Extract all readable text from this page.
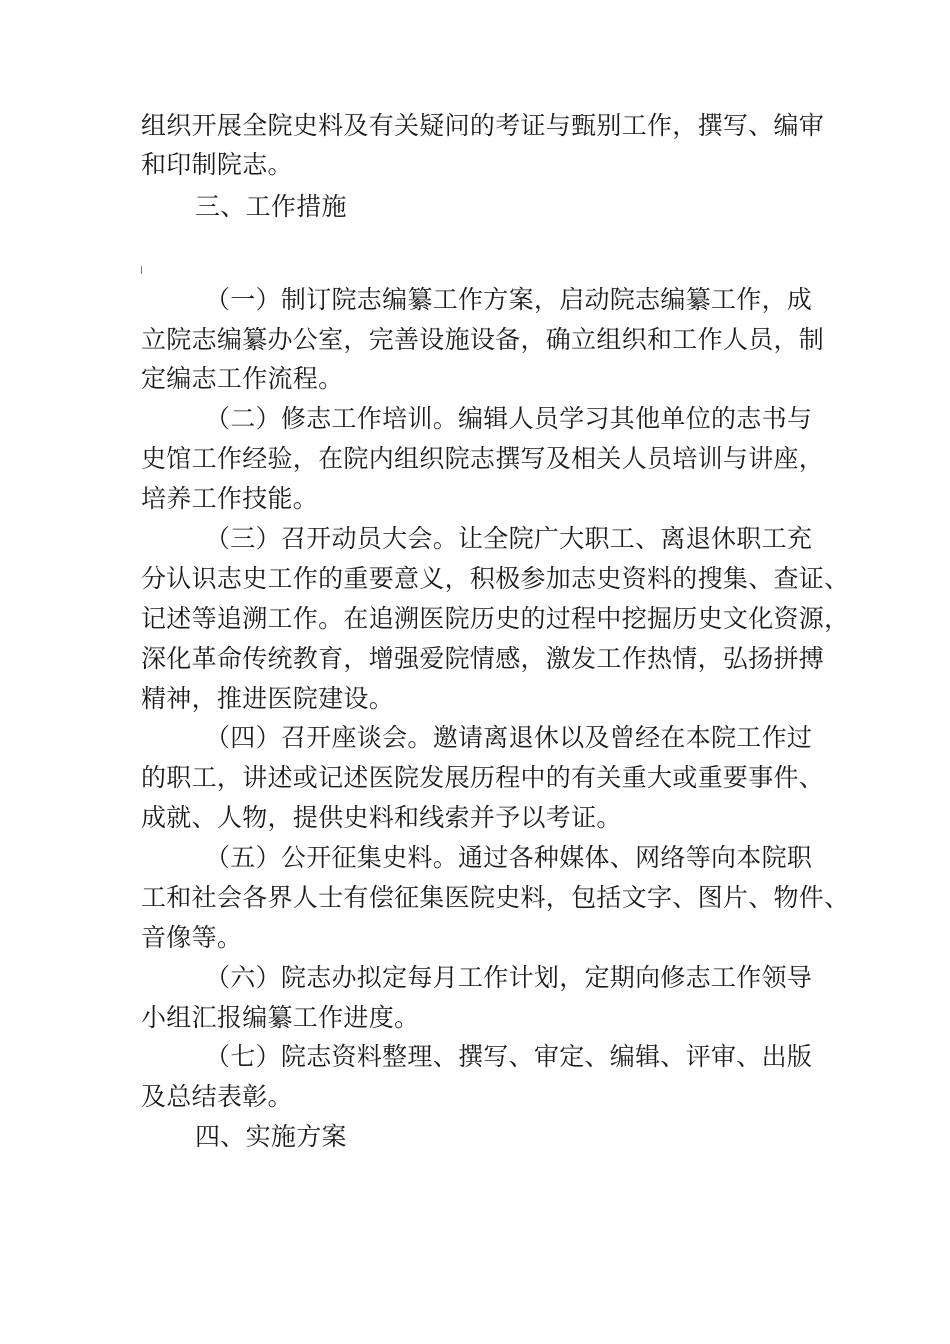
组织开展全院史料及有关疑问的考证与甄别工作，撰写、编审
和印制院志。
三、工作措施
（一）制订院志编纂工作方案，启动院志编纂工作，成
立院志编纂办公室，完善设施设备，确立组织和工作人员，制
定编志工作流程。
（二）修志工作培训。编辑人员学习其他单位的志书与
史馆工作经验，在院内组织院志撰写及相关人员培训与讲座，
培养工作技能。
（三）召开动员大会。让全院广大职工、离退休职工充
分认识志史工作的重要意义，积极参加志史资料的搜集、查证、
记述等追溯工作。在追溯医院历史的过程中挖掘历史文化资源，
深化革命传统教育，增强爱院情感，激发工作热情，弘扬拼搏
精神，推进医院建设。
（四）召开座谈会。邀请离退休以及曾经在本院工作过
的职工，讲述或记述医院发展历程中的有关重大或重要事件、
成就、人物，提供史料和线索并予以考证。
（五）公开征集史料。通过各种媒体、网络等向本院职
工和社会各界人士有偿征集医院史料，包括文字、图片、物件、
音像等。
（六）院志办拟定每月工作计划，定期向修志工作领导
小组汇报编纂工作进度。
（七）院志资料整理、撰写、审定、编辑、评审、出版
及总结表彰。
四、实施方案
